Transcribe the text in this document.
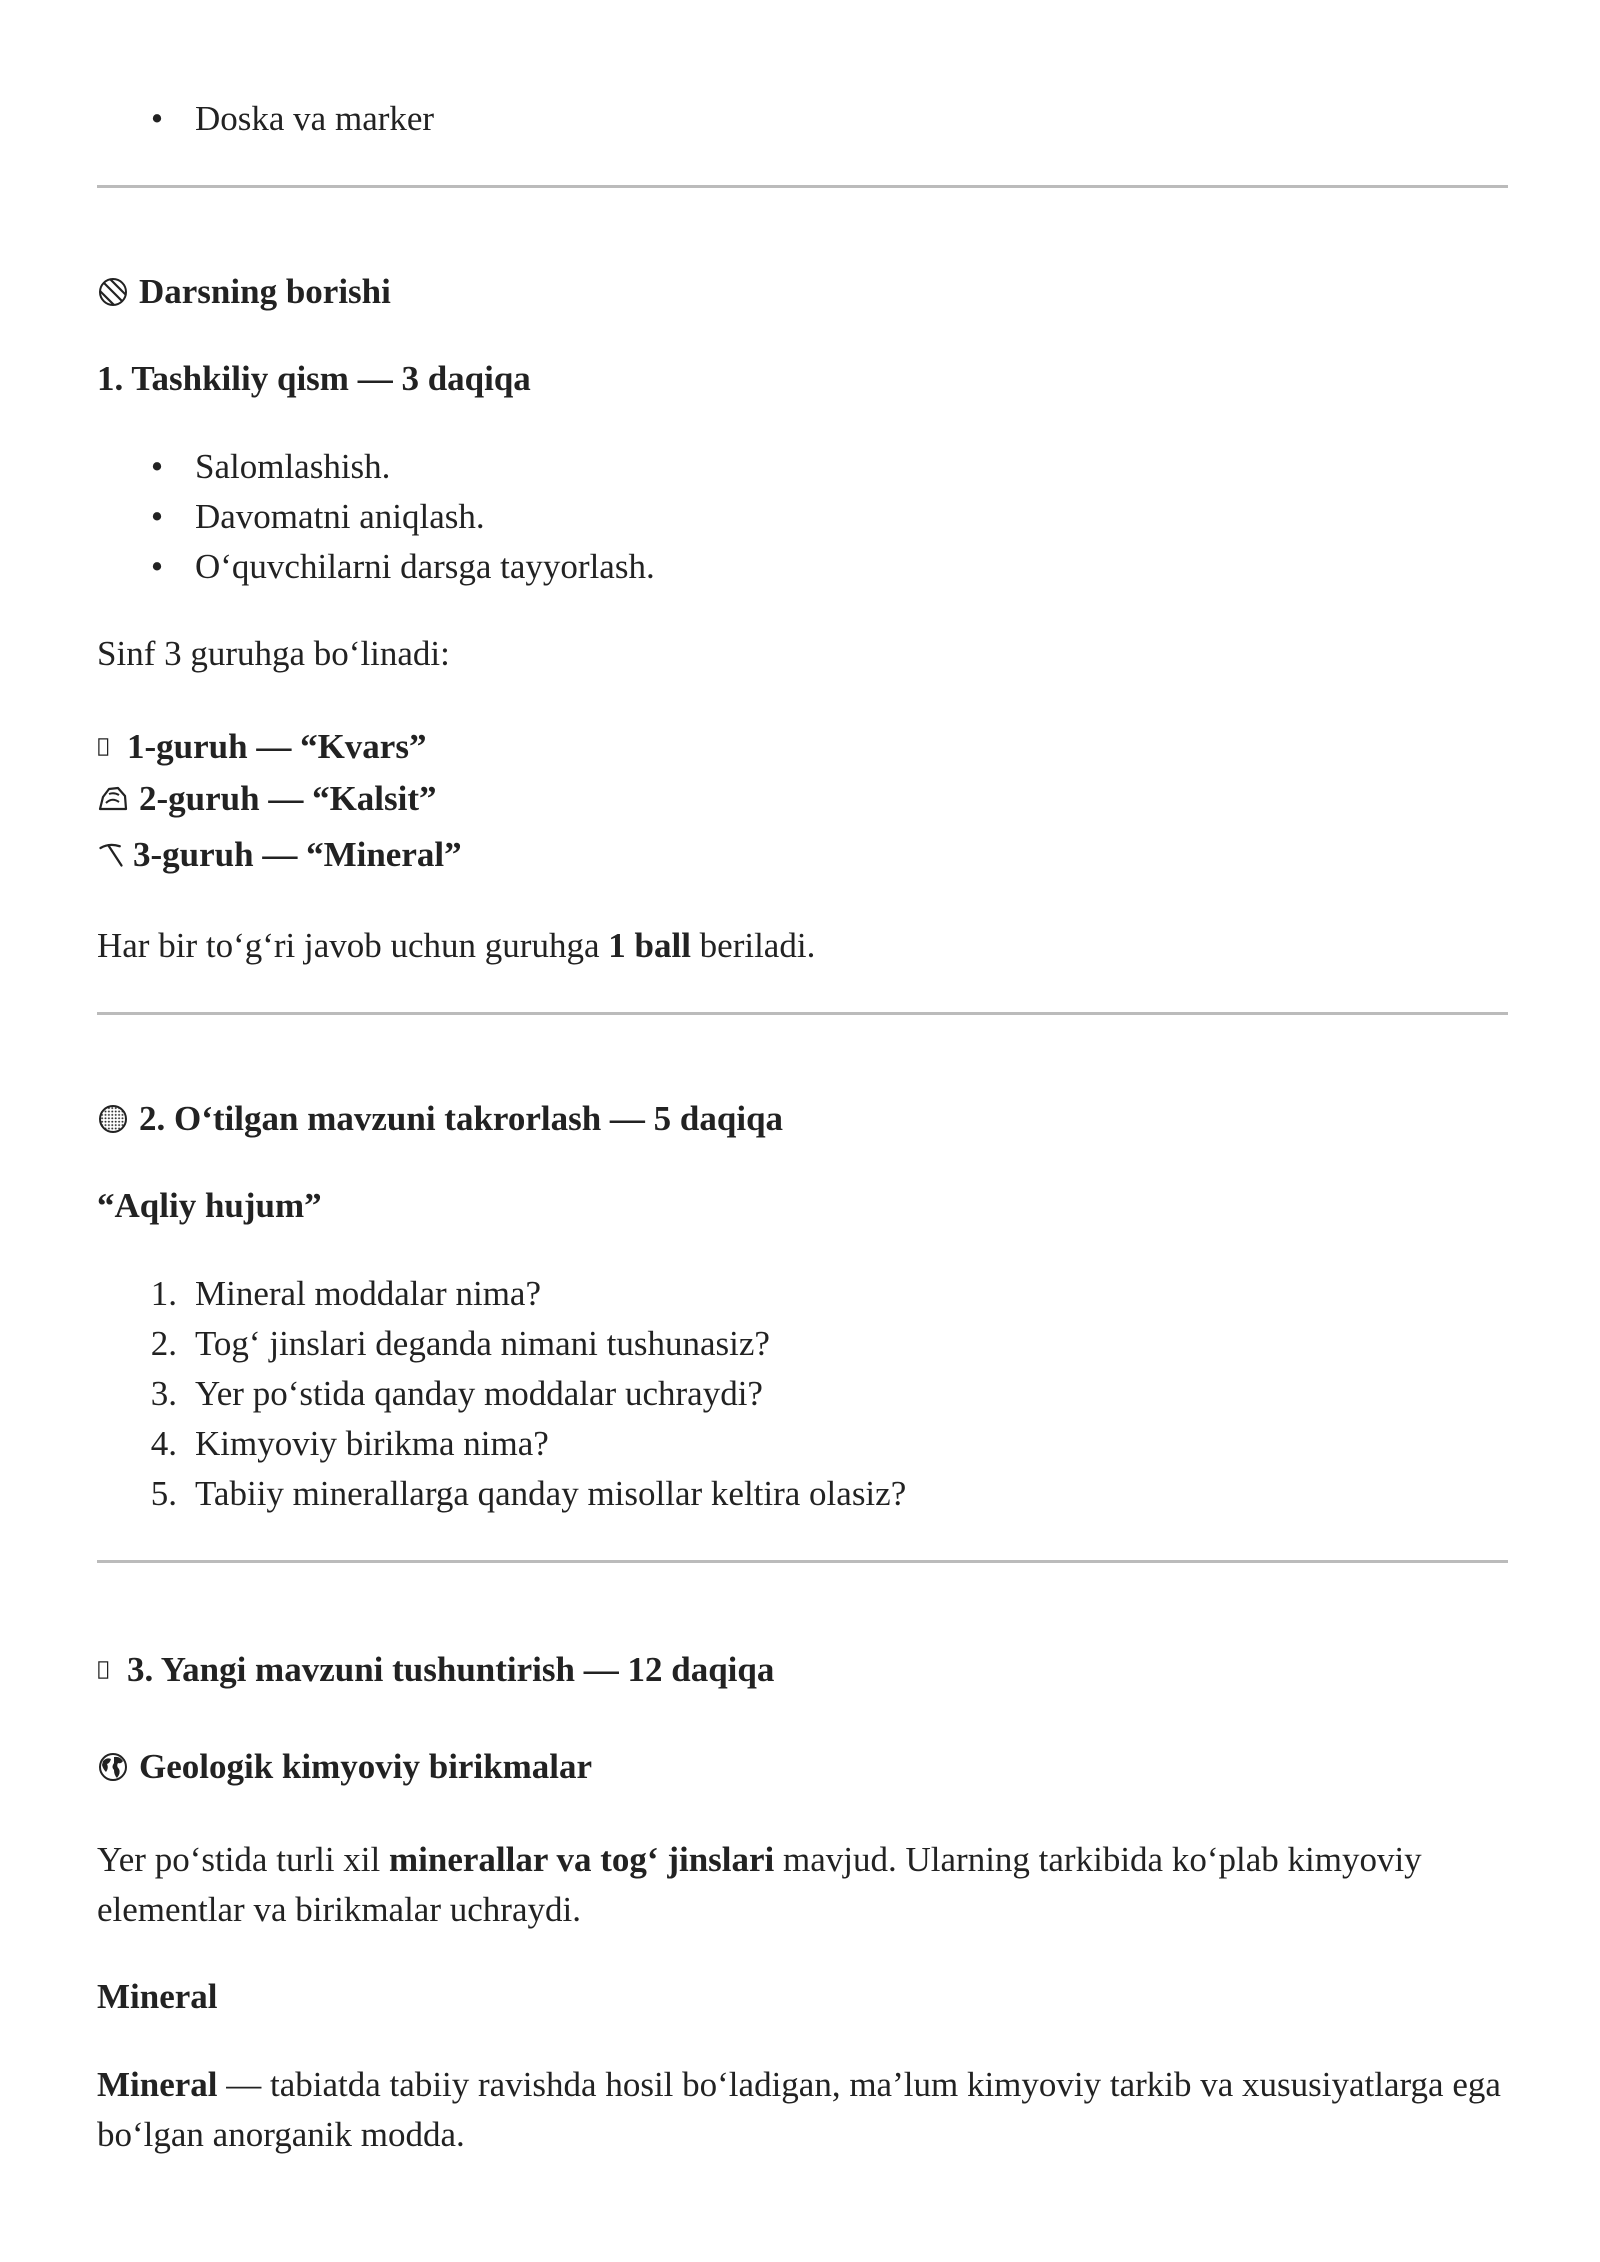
• Doska va marker
Darsning borishi
1. Tashkiliy qism — 3 daqiqa
• Salomlashish.
• Davomatni aniqlash.
• O‘quvchilarni darsga tayyorlash.
Sinf 3 guruhga bo‘linadi:
1-guruh — “Kvars”
2-guruh — “Kalsit”
3-guruh — “Mineral”
Har bir to‘g‘ri javob uchun guruhga 1 ball beriladi.
2. O‘tilgan mavzuni takrorlash — 5 daqiqa
“Aqliy hujum”
1. Mineral moddalar nima?
2. Tog‘ jinslari deganda nimani tushunasiz?
3. Yer po‘stida qanday moddalar uchraydi?
4. Kimyoviy birikma nima?
5. Tabiiy minerallarga qanday misollar keltira olasiz?
3. Yangi mavzuni tushuntirish — 12 daqiqa
Geologik kimyoviy birikmalar
Yer po‘stida turli xil minerallar va tog‘ jinslari mavjud. Ularning tarkibida ko‘plab kimyoviy elementlar va birikmalar uchraydi.
Mineral
Mineral — tabiatda tabiiy ravishda hosil bo‘ladigan, ma’lum kimyoviy tarkib va xususiyatlarga ega bo‘lgan anorganik modda.
